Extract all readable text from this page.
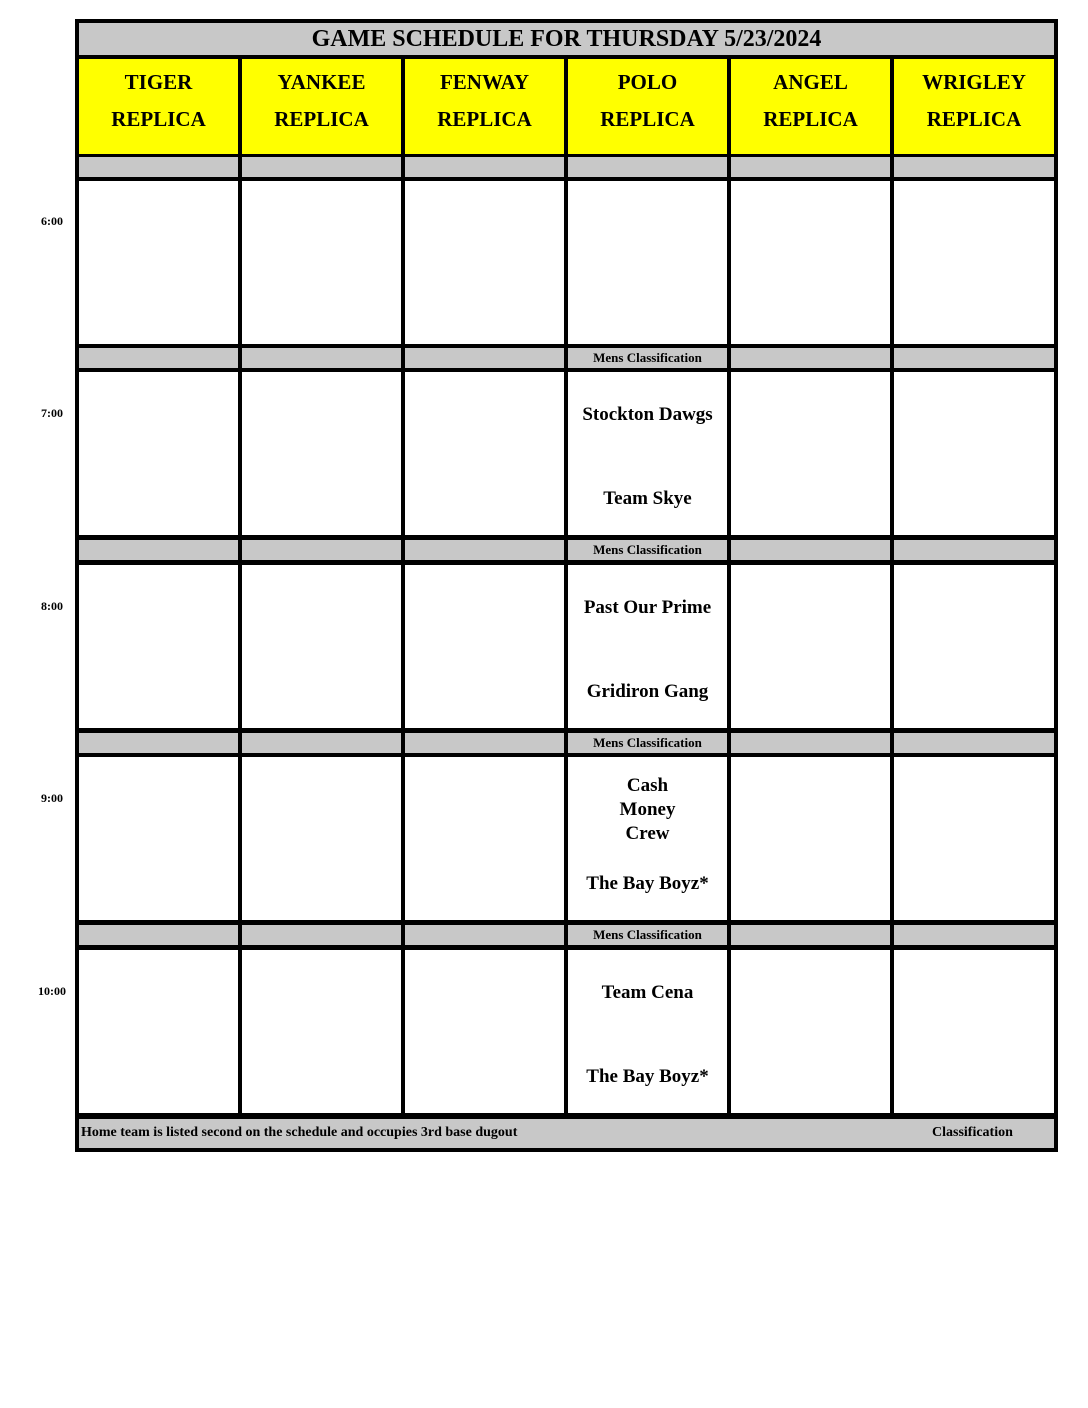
GAME SCHEDULE FOR THURSDAY 5/23/2024
TIGER
REPLICA
YANKEE
REPLICA
FENWAY
REPLICA
POLO
REPLICA
ANGEL
REPLICA
WRIGLEY
REPLICA
Mens Classification
Stockton Dawgs
Team Skye
Mens Classification
Past Our Prime
Gridiron Gang
Mens Classification
Cash Money Crew
The Bay Boyz*
Mens Classification
Team Cena
The Bay Boyz*
Home team is listed second on the schedule and occupies 3rd base dugout	Classification
6:00
7:00
8:00
9:00
10:00
